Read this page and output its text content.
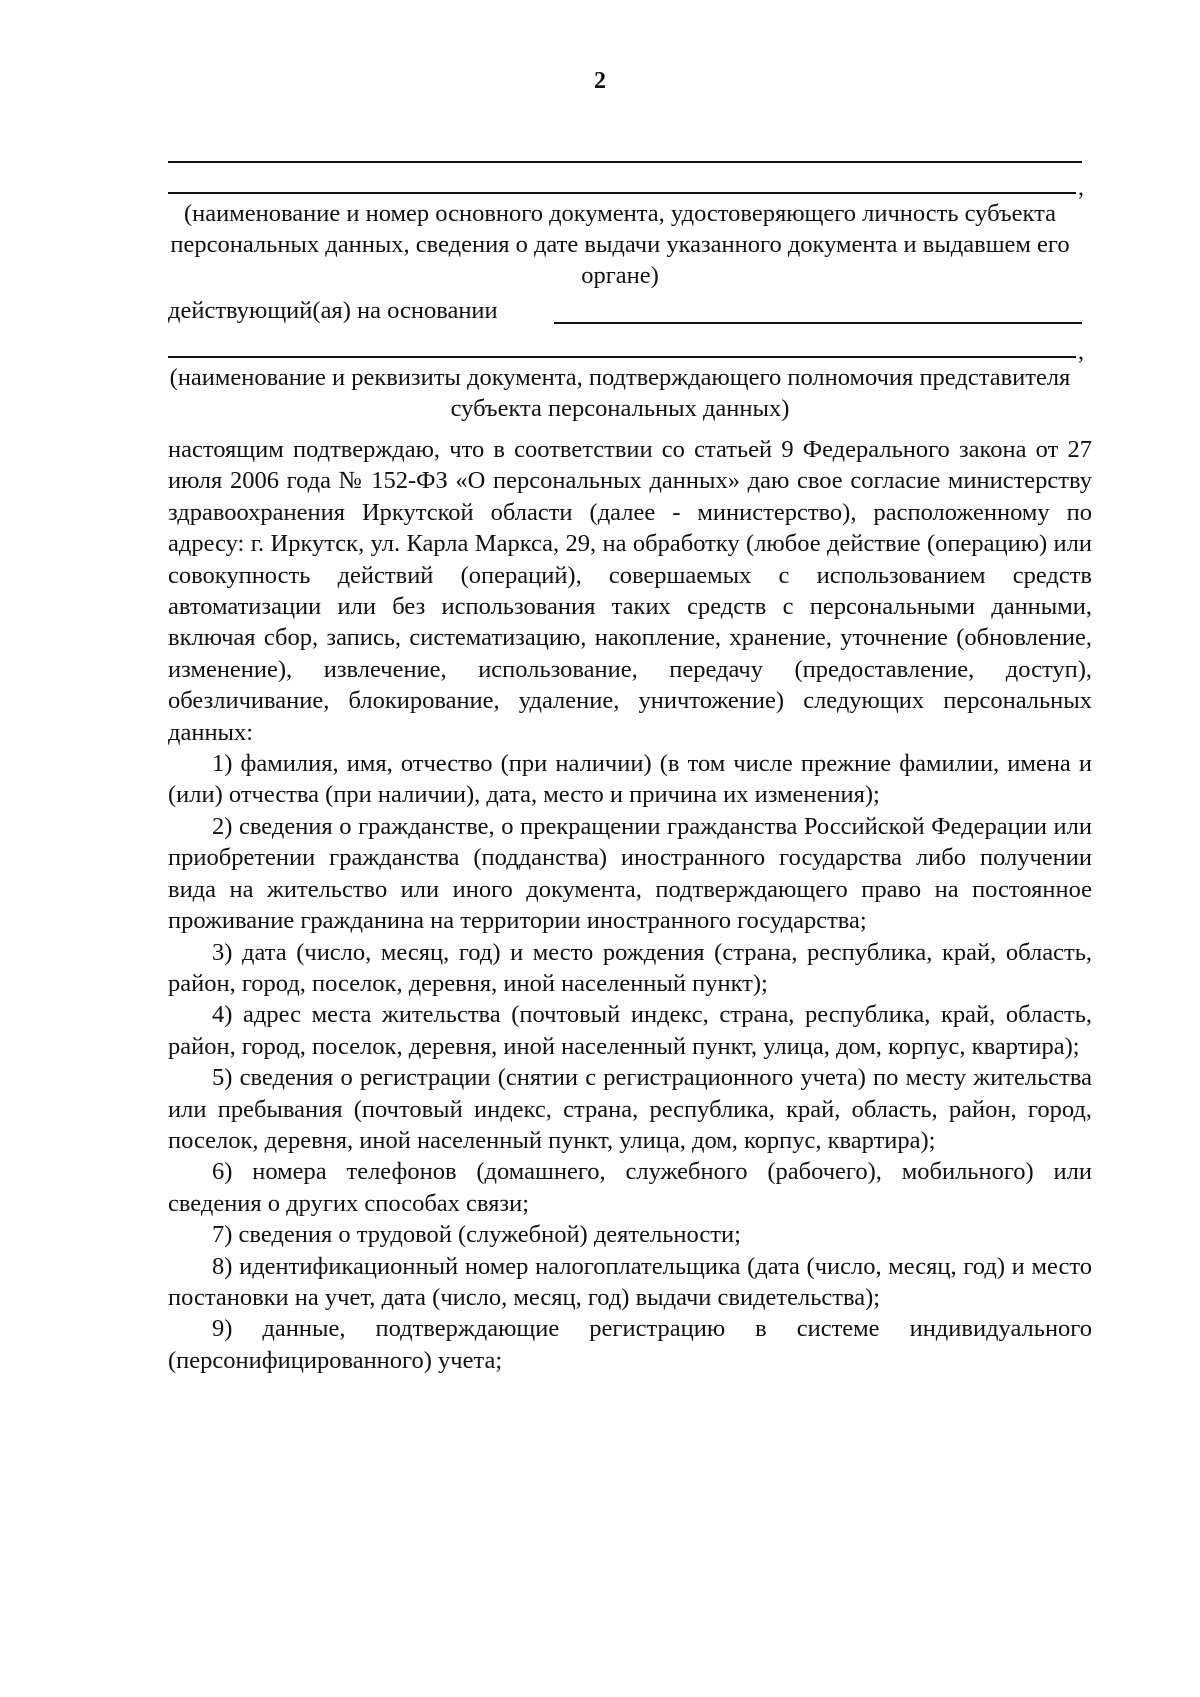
2
,
(наименование и номер основного документа, удостоверяющего личность субъекта персональных данных, сведения о дате выдачи указанного документа и выдавшем его органе)
действующий(ая) на основании
,
(наименование и реквизиты документа, подтверждающего полномочия представителя субъекта персональных данных)

настоящим подтверждаю, что в соответствии со статьей 9 Федерального закона от 27 июля 2006 года № 152-ФЗ «О персональных данных» даю свое согласие министерству здравоохранения Иркутской области (далее - министерство), расположенному по адресу: г. Иркутск, ул. Карла Маркса, 29, на обработку (любое действие (операцию) или совокупность действий (операций), совершаемых с использованием средств автоматизации или без использования таких средств с персональными данными, включая сбор, запись, систематизацию, накопление, хранение, уточнение (обновление, изменение), извлечение, использование, передачу (предоставление, доступ), обезличивание, блокирование, удаление, уничтожение) следующих персональных данных:

1) фамилия, имя, отчество (при наличии) (в том числе прежние фамилии, имена и (или) отчества (при наличии), дата, место и причина их изменения);

2) сведения о гражданстве, о прекращении гражданства Российской Федерации или приобретении гражданства (подданства) иностранного государства либо получении вида на жительство или иного документа, подтверждающего право на постоянное проживание гражданина на территории иностранного государства;

3) дата (число, месяц, год) и место рождения (страна, республика, край, область, район, город, поселок, деревня, иной населенный пункт);

4) адрес места жительства (почтовый индекс, страна, республика, край, область, район, город, поселок, деревня, иной населенный пункт, улица, дом, корпус, квартира);

5) сведения о регистрации (снятии с регистрационного учета) по месту жительства или пребывания (почтовый индекс, страна, республика, край, область, район, город, поселок, деревня, иной населенный пункт, улица, дом, корпус, квартира);

6) номера телефонов (домашнего, служебного (рабочего), мобильного) или сведения о других способах связи;

7) сведения о трудовой (служебной) деятельности;

8) идентификационный номер налогоплательщика (дата (число, месяц, год) и место постановки на учет, дата (число, месяц, год) выдачи свидетельства);

9) данные, подтверждающие регистрацию в системе индивидуального (персонифицированного) учета;
